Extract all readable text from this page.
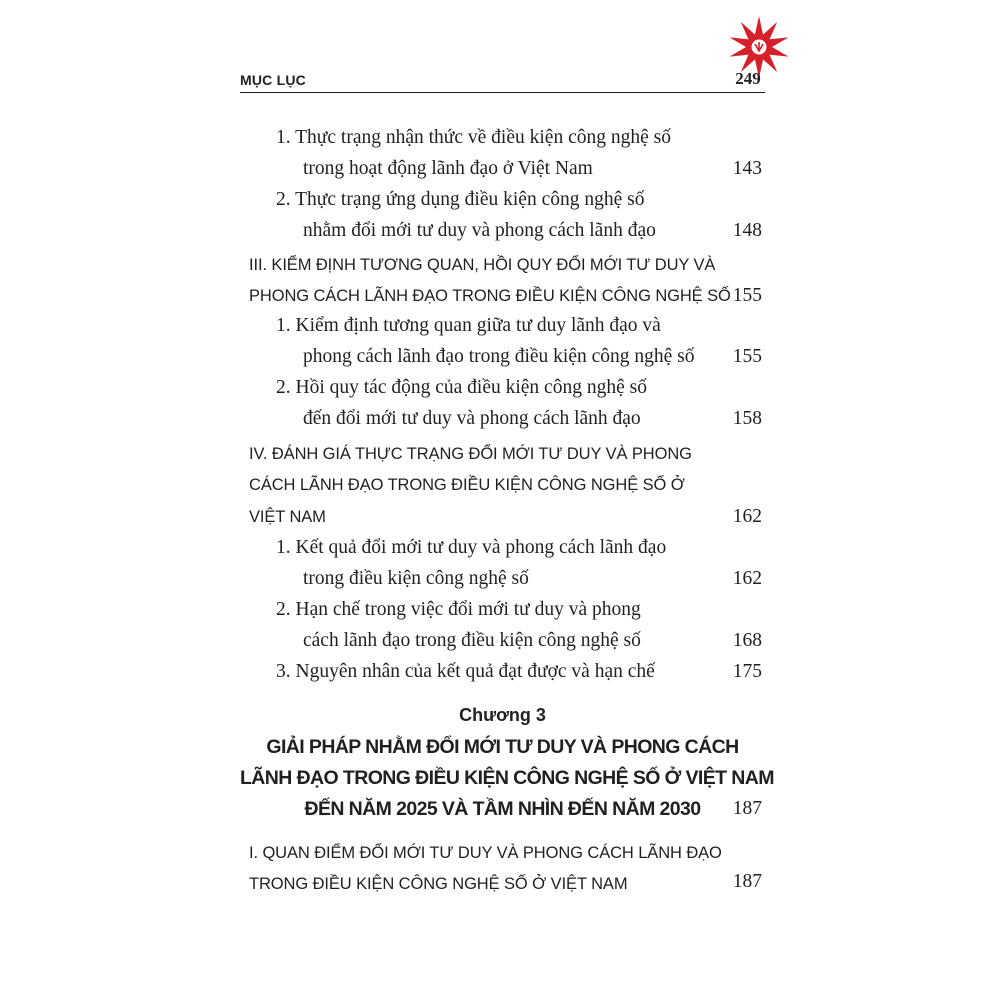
MỤC LỤC	249
1. Thực trạng nhận thức về điều kiện công nghệ số
trong hoạt động lãnh đạo ở Việt Nam	143
2. Thực trạng ứng dụng điều kiện công nghệ số
nhằm đổi mới tư duy và phong cách lãnh đạo	148
III. KIỂM ĐỊNH TƯƠNG QUAN, HỒI QUY ĐỔI MỚI TƯ DUY VÀ
PHONG CÁCH LÃNH ĐẠO TRONG ĐIỀU KIỆN CÔNG NGHỆ SỐ 155
1. Kiểm định tương quan giữa tư duy lãnh đạo và
phong cách lãnh đạo trong điều kiện công nghệ số	155
2. Hồi quy tác động của điều kiện công nghệ số
đến đổi mới tư duy và phong cách lãnh đạo	158
IV. ĐÁNH GIÁ THỰC TRẠNG ĐỔI MỚI TƯ DUY VÀ PHONG
CÁCH LÃNH ĐẠO TRONG ĐIỀU KIỆN CÔNG NGHỆ SỐ Ở
VIỆT NAM	162
1. Kết quả đổi mới tư duy và phong cách lãnh đạo
trong điều kiện công nghệ số	162
2. Hạn chế trong việc đổi mới tư duy và phong
cách lãnh đạo trong điều kiện công nghệ số	168
3. Nguyên nhân của kết quả đạt được và hạn chế	175
Chương 3
GIẢI PHÁP NHẰM ĐỔI MỚI TƯ DUY VÀ PHONG CÁCH
LÃNH ĐẠO TRONG ĐIỀU KIỆN CÔNG NGHỆ SỐ Ở VIỆT NAM
ĐẾN NĂM 2025 VÀ TẦM NHÌN ĐẾN NĂM 2030	187
I. QUAN ĐIỂM ĐỔI MỚI TƯ DUY VÀ PHONG CÁCH LÃNH ĐẠO
TRONG ĐIỀU KIỆN CÔNG NGHỆ SỐ Ở VIỆT NAM	187
